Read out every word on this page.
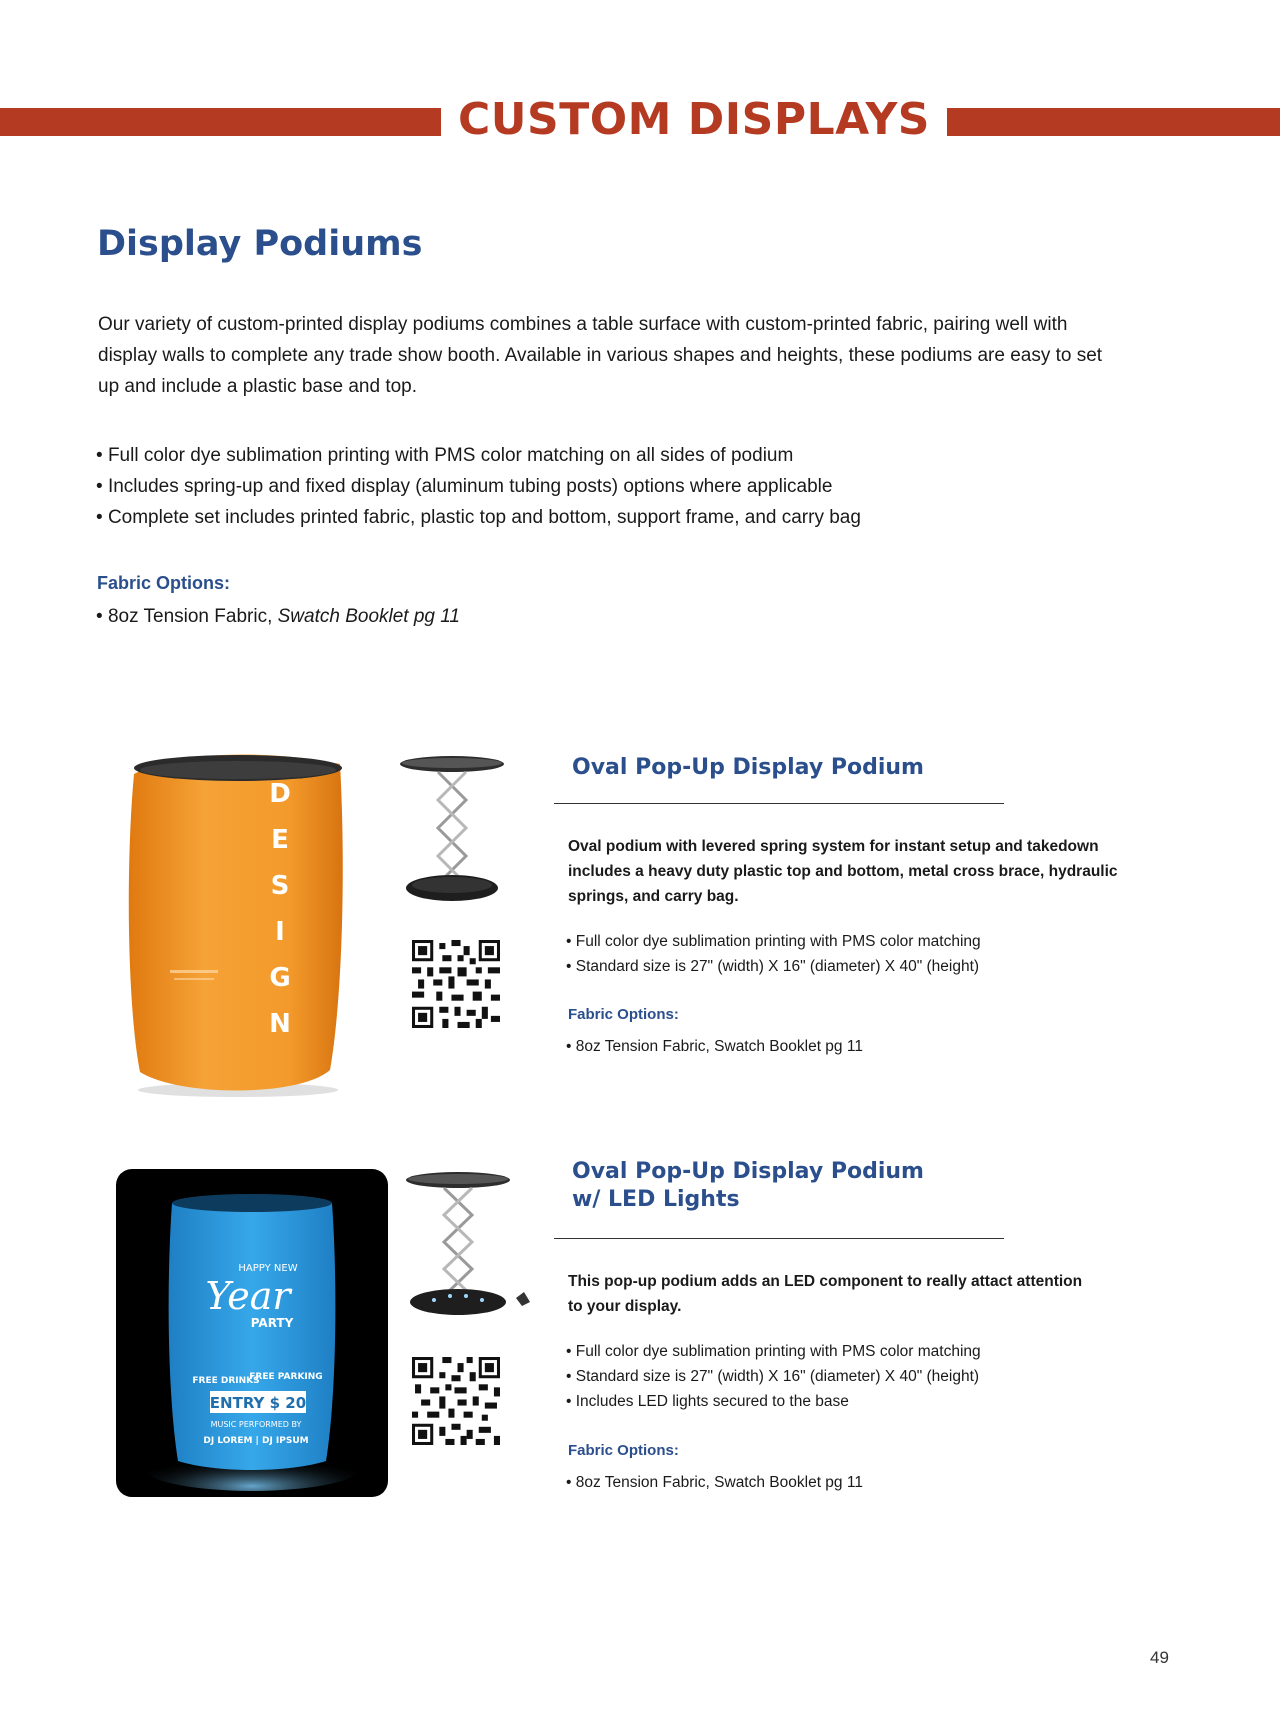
CUSTOM DISPLAYS
Display Podiums

Our variety of custom-printed display podiums combines a table surface with custom-printed fabric, pairing well with display walls to complete any trade show booth. Available in various shapes and heights, these podiums are easy to set up and include a plastic base and top.

• Full color dye sublimation printing with PMS color matching on all sides of podium
• Includes spring-up and fixed display (aluminum tubing posts) options where applicable
• Complete set includes printed fabric, plastic top and bottom, support frame, and carry bag

Fabric Options:

• 8oz Tension Fabric, Swatch Booklet pg 11
D
E
S
I
G
N
Oval Pop-Up Display Podium

Oval podium with levered spring system for instant setup and takedown includes a heavy duty plastic top and bottom, metal cross brace, hydraulic springs, and carry bag.

• Full color dye sublimation printing with PMS color matching
• Standard size is 27" (width) X 16" (diameter) X 40" (height)

Fabric Options:

• 8oz Tension Fabric, Swatch Booklet pg 11
HAPPY NEW
Year
PARTY
FREE DRINKS
FREE PARKING
ENTRY $ 20
MUSIC PERFORMED BY
DJ LOREM | DJ IPSUM
Oval Pop-Up Display Podium
w/ LED Lights

This pop-up podium adds an LED component to really attact attention to your display.

• Full color dye sublimation printing with PMS color matching
• Standard size is 27" (width) X 16" (diameter) X 40" (height)
• Includes LED lights secured to the base

Fabric Options:

• 8oz Tension Fabric, Swatch Booklet pg 11

49
